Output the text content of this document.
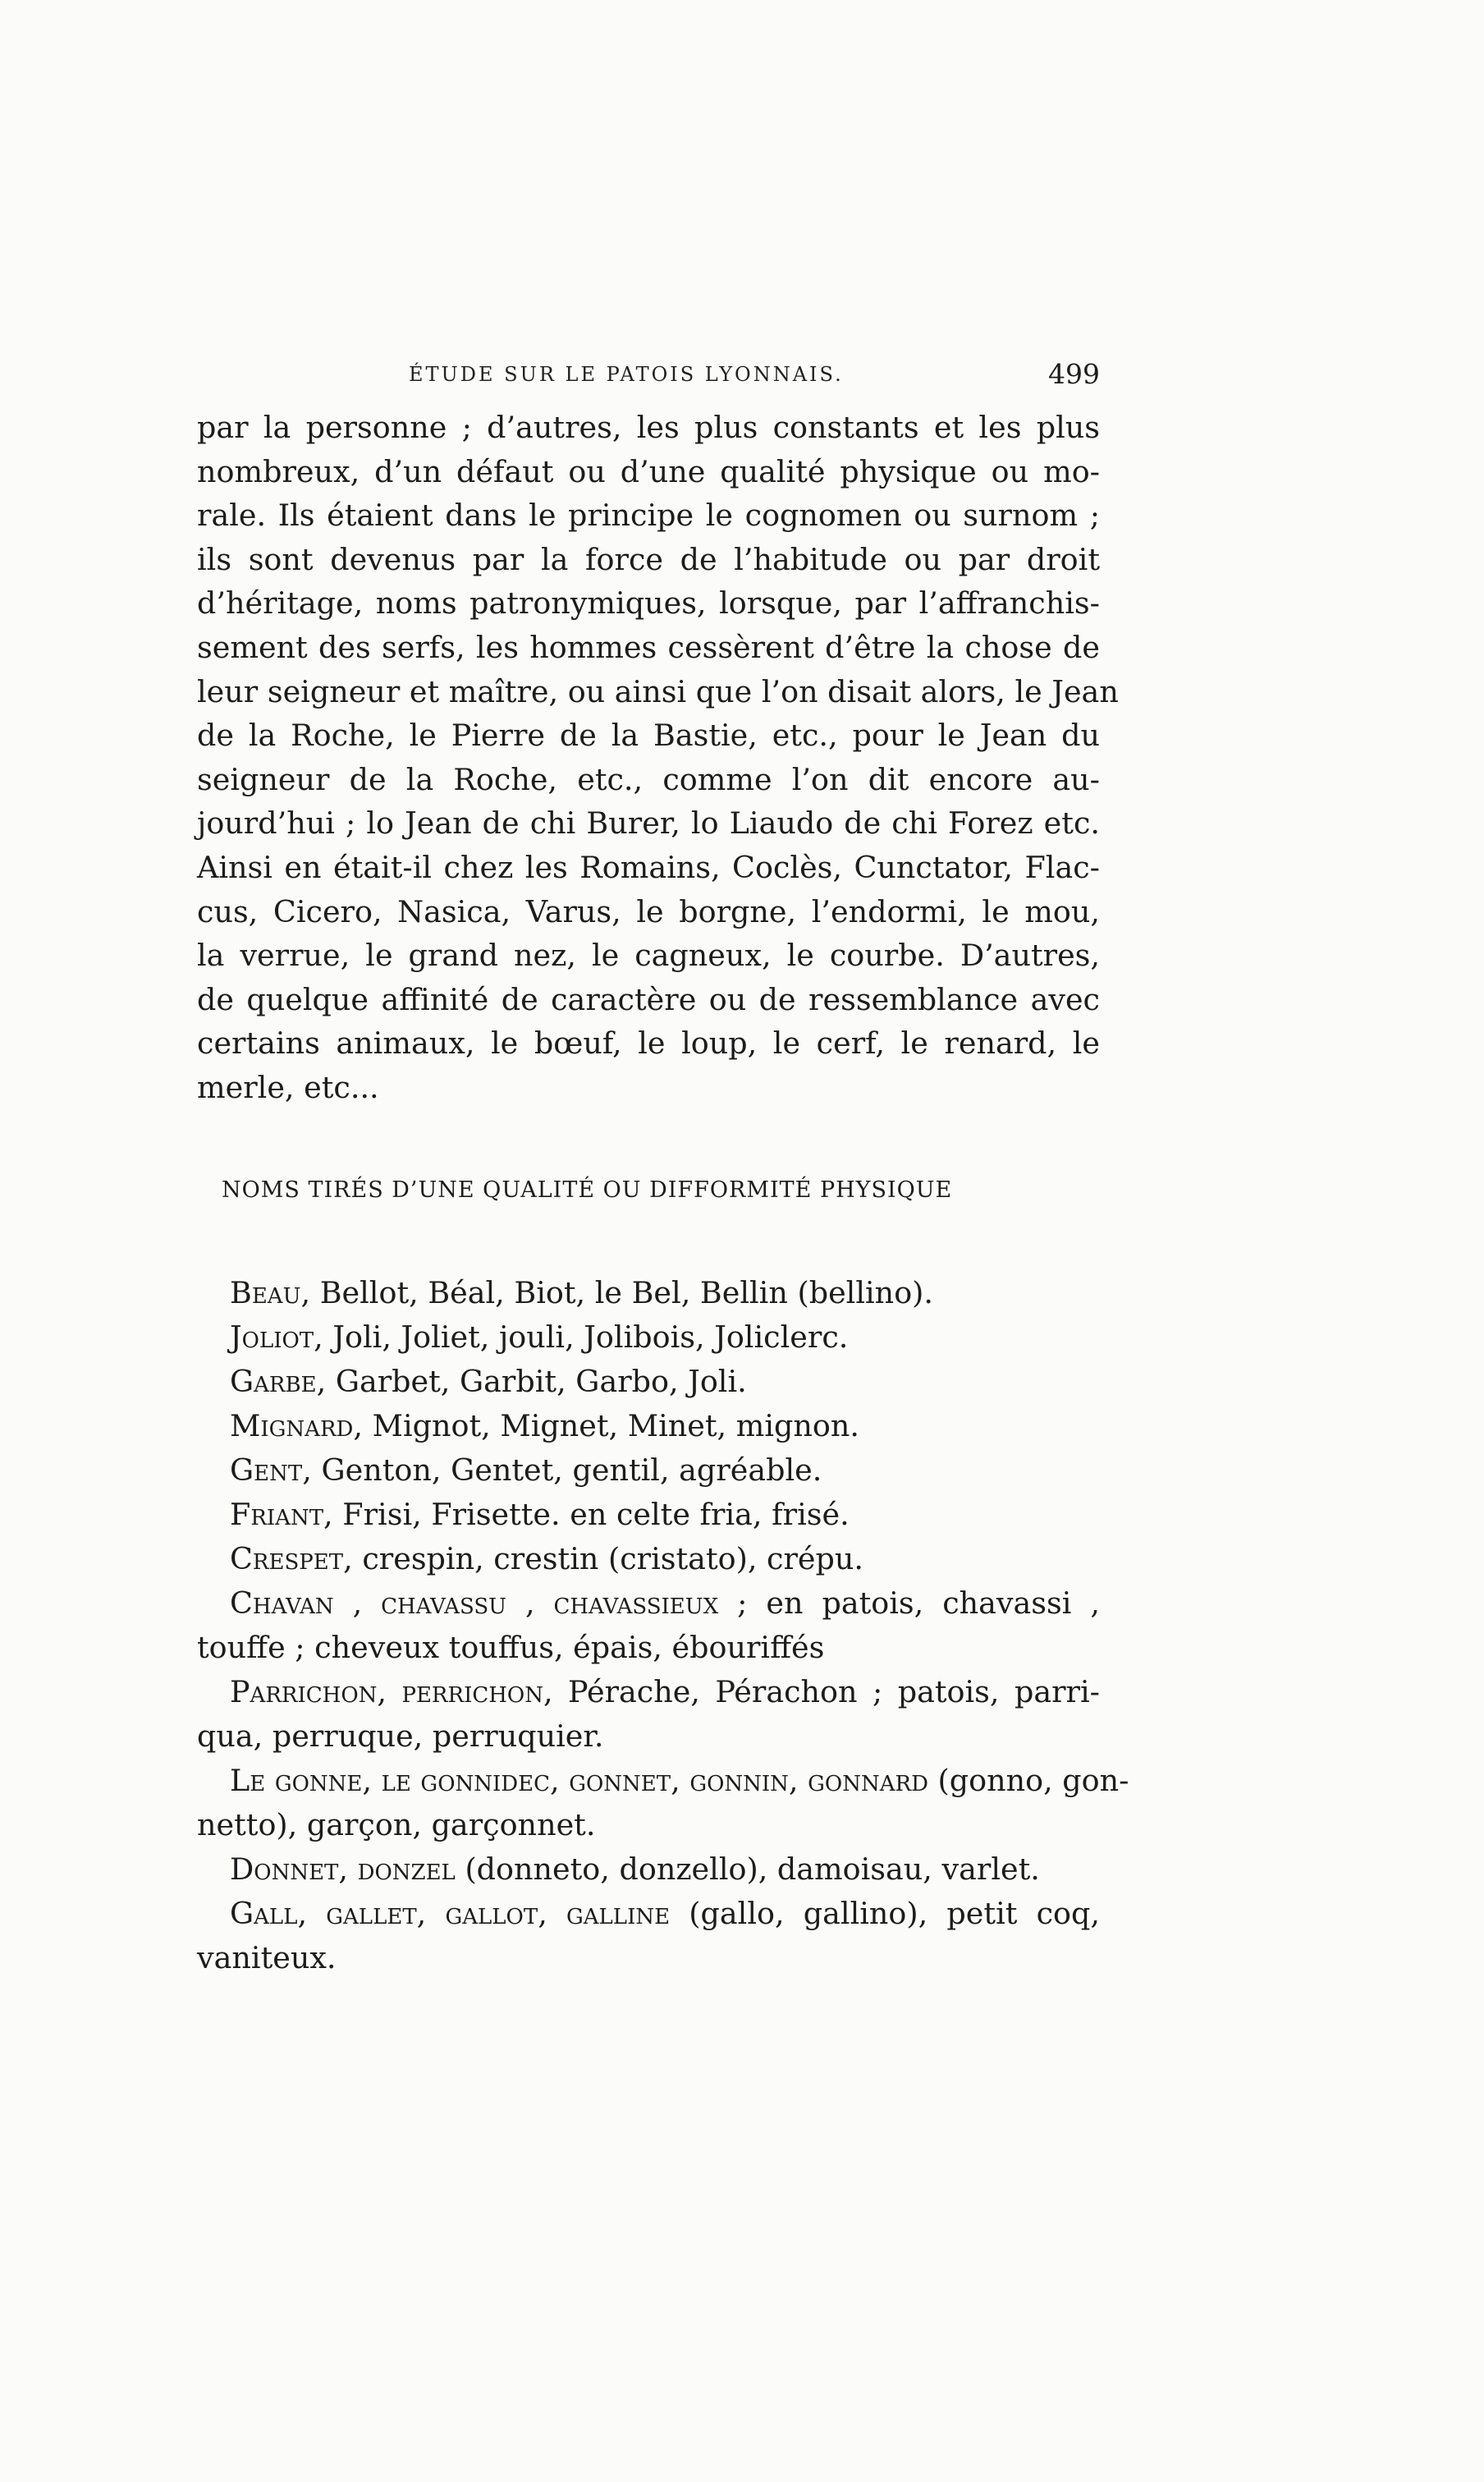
ÉTUDE SUR LE PATOIS LYONNAIS.	499
par la personne ; d’autres, les plus constants et les plus
nombreux, d’un défaut ou d’une qualité physique ou mo-
rale. Ils étaient dans le principe le cognomen ou surnom ;
ils sont devenus par la force de l’habitude ou par droit
d’héritage, noms patronymiques, lorsque, par l’affranchis-
sement des serfs, les hommes cessèrent d’être la chose de
leur seigneur et maître, ou ainsi que l’on disait alors, le Jean
de la Roche, le Pierre de la Bastie, etc., pour le Jean du
seigneur de la Roche, etc., comme l’on dit encore au-
jourd’hui ; lo Jean de chi Burer, lo Liaudo de chi Forez etc.
Ainsi en était-il chez les Romains, Coclès, Cunctator, Flac-
cus, Cicero, Nasica, Varus, le borgne, l’endormi, le mou,
la verrue, le grand nez, le cagneux, le courbe. D’autres,
de quelque affinité de caractère ou de ressemblance avec
certains animaux, le bœuf, le loup, le cerf, le renard, le
merle, etc...
NOMS TIRÉS D’UNE QUALITÉ OU DIFFORMITÉ PHYSIQUE
Beau, Bellot, Béal, Biot, le Bel, Bellin (bellino).
Joliot, Joli, Joliet, jouli, Jolibois, Joliclerc.
Garbe, Garbet, Garbit, Garbo, Joli.
Mignard, Mignot, Mignet, Minet, mignon.
Gent, Genton, Gentet, gentil, agréable.
Friant, Frisi, Frisette. en celte fria, frisé.
Crespet, crespin, crestin (cristato), crépu.
Chavan , chavassu , chavassieux ; en patois, chavassi ,
touffe ; cheveux touffus, épais, ébouriffés
Parrichon, perrichon, Pérache, Pérachon ; patois, parri-
qua, perruque, perruquier.
Le gonne, le gonnidec, gonnet, gonnin, gonnard (gonno, gon-
netto), garçon, garçonnet.
Donnet, donzel (donneto, donzello), damoisau, varlet.
Gall, gallet, gallot, galline (gallo, gallino), petit coq,
vaniteux.
